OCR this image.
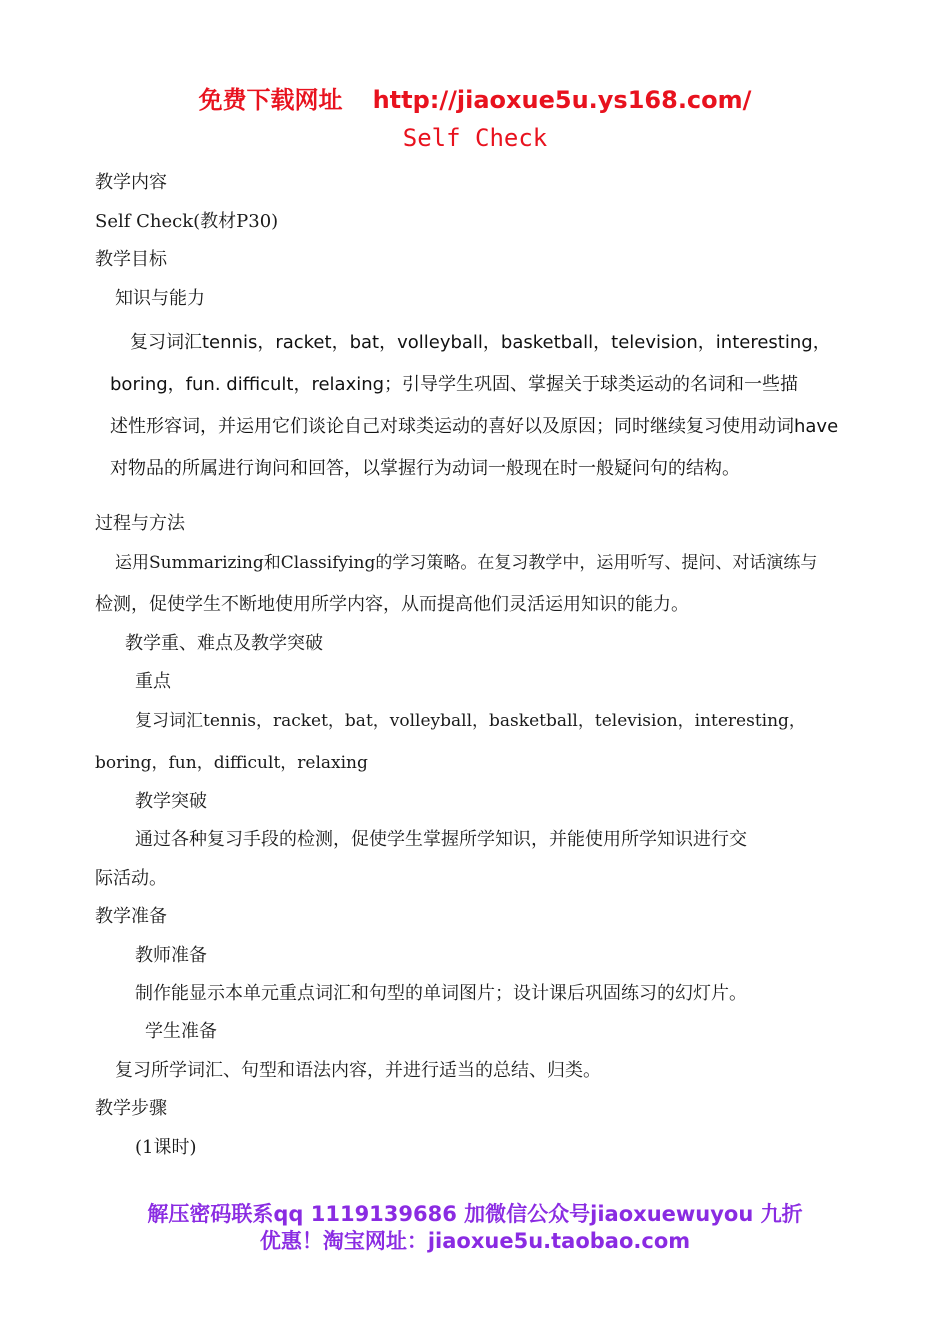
免费下载网址 http://jiaoxue5u.ys168.com/
Self Check
教学内容
Self Check(教材P30)
教学目标
知识与能力
复习词汇tennis，racket，bat，volleyball，basketball，television，interesting，
boring，fun. difficult，relaxing；引导学生巩固、掌握关于球类运动的名词和一些描
述性形容词，并运用它们谈论自己对球类运动的喜好以及原因；同时继续复习使用动词have
对物品的所属进行询问和回答，以掌握行为动词一般现在时一般疑问句的结构。
过程与方法
运用Summarizing和Classifying的学习策略。在复习教学中，运用听写、提问、对话演练与
检测，促使学生不断地使用所学内容，从而提高他们灵活运用知识的能力。
教学重、难点及教学突破
重点
复习词汇tennis，racket，bat，volleyball，basketball，television，interesting，
boring，fun，difficult，relaxing
教学突破
通过各种复习手段的检测，促使学生掌握所学知识，并能使用所学知识进行交
际活动。
教学准备
教师准备
制作能显示本单元重点词汇和句型的单词图片；设计课后巩固练习的幻灯片。
学生准备
复习所学词汇、句型和语法内容，并进行适当的总结、归类。
教学步骤
(1课时)
解压密码联系qq 1119139686 加微信公众号jiaoxuewuyou 九折
优惠！淘宝网址：jiaoxue5u.taobao.com
